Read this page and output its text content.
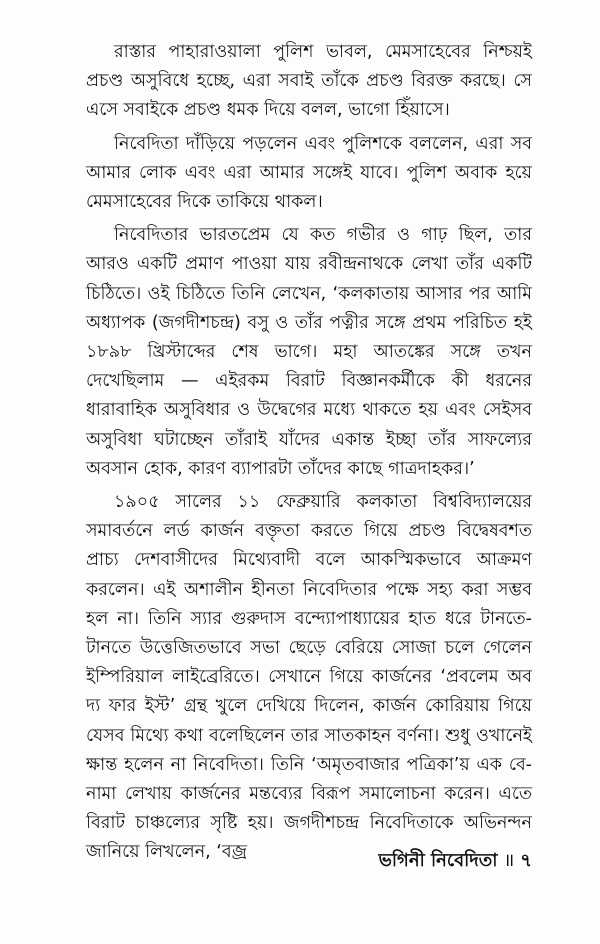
রাস্তার পাহারাওয়ালা পুলিশ ভাবল, মেমসাহেবের নিশ্চয়ই প্রচণ্ড অসুবিধে হচ্ছে, এরা সবাই তাঁকে প্রচণ্ড বিরক্ত করছে। সে এসে সবাইকে প্রচণ্ড ধমক দিয়ে বলল, ভাগো হিঁয়াসে।

নিবেদিতা দাঁড়িয়ে পড়লেন এবং পুলিশকে বললেন, এরা সব আমার লোক এবং এরা আমার সঙ্গেই যাবে। পুলিশ অবাক হয়ে মেমসাহেবের দিকে তাকিয়ে থাকল।

নিবেদিতার ভারতপ্রেম যে কত গভীর ও গাঢ় ছিল, তার আরও একটি প্রমাণ পাওয়া যায় রবীন্দ্রনাথকে লেখা তাঁর একটি চিঠিতে। ওই চিঠিতে তিনি লেখেন, ‘কলকাতায় আসার পর আমি অধ্যাপক (জগদীশচন্দ্র) বসু ও তাঁর পত্নীর সঙ্গে প্রথম পরিচিত হই ১৮৯৮ খ্রিস্টাব্দের শেষ ভাগে। মহা আতঙ্কের সঙ্গে তখন দেখেছিলাম — এইরকম বিরাট বিজ্ঞানকর্মীকে কী ধরনের ধারাবাহিক অসুবিধার ও উদ্বেগের মধ্যে থাকতে হয় এবং সেইসব অসুবিধা ঘটাচ্ছেন তাঁরাই যাঁদের একান্ত ইচ্ছা তাঁর সাফল্যের অবসান হোক, কারণ ব্যাপারটা তাঁদের কাছে গাত্রদাহকর।’

১৯০৫ সালের ১১ ফেব্রুয়ারি কলকাতা বিশ্ববিদ্যালয়ের সমাবর্তনে লর্ড কার্জন বক্তৃতা করতে গিয়ে প্রচণ্ড বিদ্বেষবশত প্রাচ্য দেশবাসীদের মিথ্যেবাদী বলে আকস্মিকভাবে আক্রমণ করলেন। এই অশালীন হীনতা নিবেদিতার পক্ষে সহ্য করা সম্ভব হল না। তিনি স্যার গুরুদাস বন্দ্যোপাধ্যায়ের হাত ধরে টানতে-টানতে উত্তেজিতভাবে সভা ছেড়ে বেরিয়ে সোজা চলে গেলেন ইম্পিরিয়াল লাইব্রেরিতে। সেখানে গিয়ে কার্জনের ‘প্রবলেম অব দ্য ফার ইস্ট’ গ্রন্থ খুলে দেখিয়ে দিলেন, কার্জন কোরিয়ায় গিয়ে যেসব মিথ্যে কথা বলেছিলেন তার সাতকাহন বর্ণনা। শুধু ওখানেই ক্ষান্ত হলেন না নিবেদিতা। তিনি ‘অমৃতবাজার পত্রিকা’য় এক বে-নামা লেখায় কার্জনের মন্তব্যের বিরূপ সমালোচনা করেন। এতে বিরাট চাঞ্চল্যের সৃষ্টি হয়। জগদীশচন্দ্র নিবেদিতাকে অভিনন্দন জানিয়ে লিখলেন, ‘বজ্র	ভগিনী নিবেদিতা ॥ ৭
